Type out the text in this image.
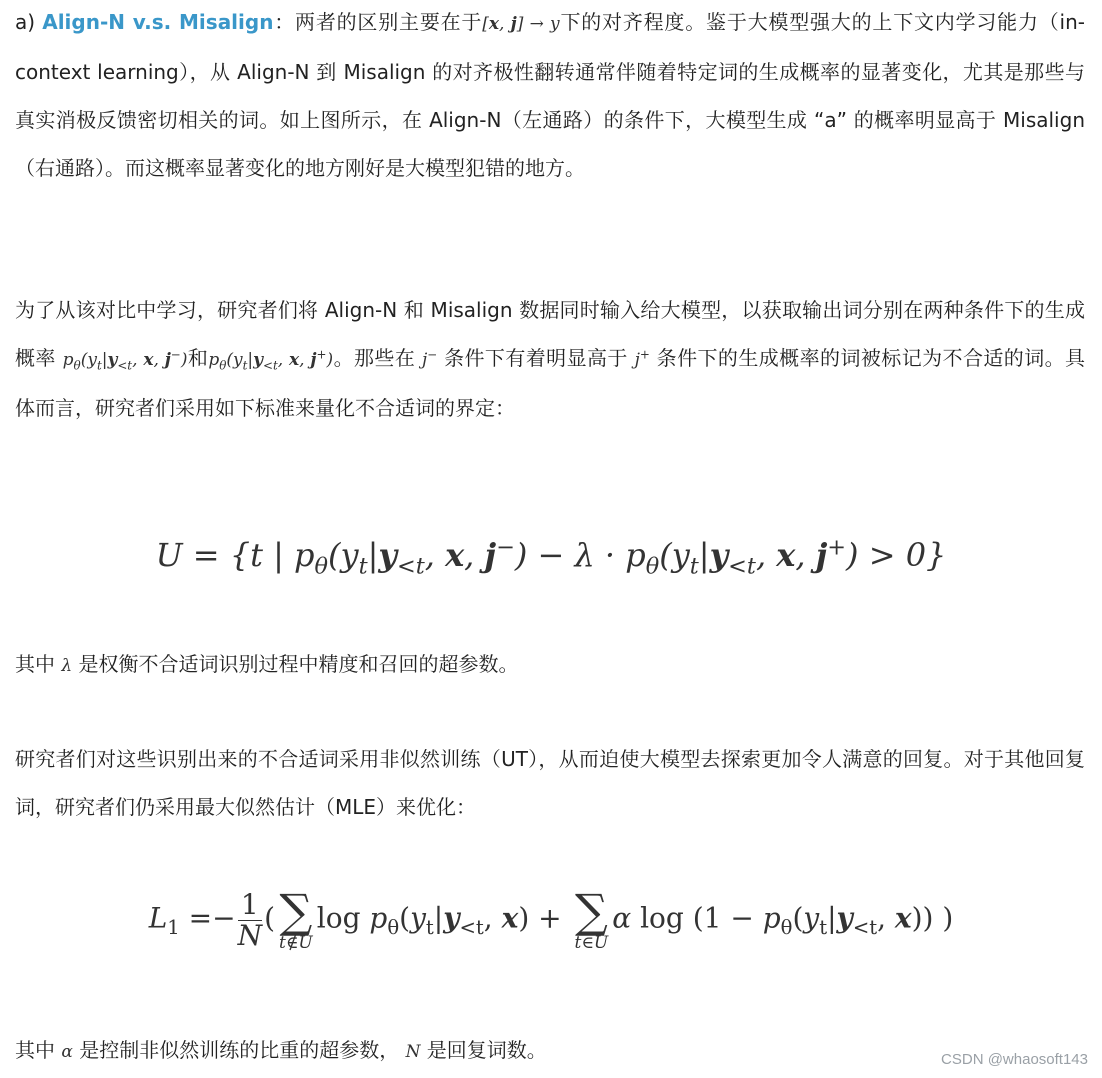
a) Align-N v.s. Misalign：两者的区别主要在于[x, j] → y下的对齐程度。鉴于大模型强大的上下文内学习能力（in-context learning），从 Align-N 到 Misalign 的对齐极性翻转通常伴随着特定词的生成概率的显著变化，尤其是那些与真实消极反馈密切相关的词。如上图所示，在 Align-N（左通路）的条件下，大模型生成 “a” 的概率明显高于 Misalign（右通路）。而这概率显著变化的地方刚好是大模型犯错的地方。

为了从该对比中学习，研究者们将 Align-N 和 Misalign 数据同时输入给大模型，以获取输出词分别在两种条件下的生成概率 $p_\theta(y_t|y_{<t}$, x, j−)和$p_\theta(y_t|y_{<t}$, x, j+)。那些在 j− 条件下有着明显高于 j+ 条件下的生成概率的词被标记为不合适的词。具体而言，研究者们采用如下标准来量化不合适词的界定：

U = {t | $p_\theta(y_t|y_{<t}$, x, $j^-) - \lambda \cdot p_\theta(y_t|y_{<t}$, x, j+) > 0}

其中 λ 是权衡不合适词识别过程中精度和召回的超参数。

研究者们对这些识别出来的不合适词采用非似然训练（UT），从而迫使大模型去探索更加令人满意的回复。对于其他回复词，研究者们仍采用最大似然估计（MLE）来优化：

$L_1 =- \frac{1}{N}$ ( ∑
t∉U
$\log p_\theta(y_t|y_{<t}$, x) + ∑
t∈U
α $\log (1 - p_\theta(y_t|y_{<t}$, x)) )

其中 α 是控制非似然训练的比重的超参数， N 是回复词数。	CSDN @whaosoft143
